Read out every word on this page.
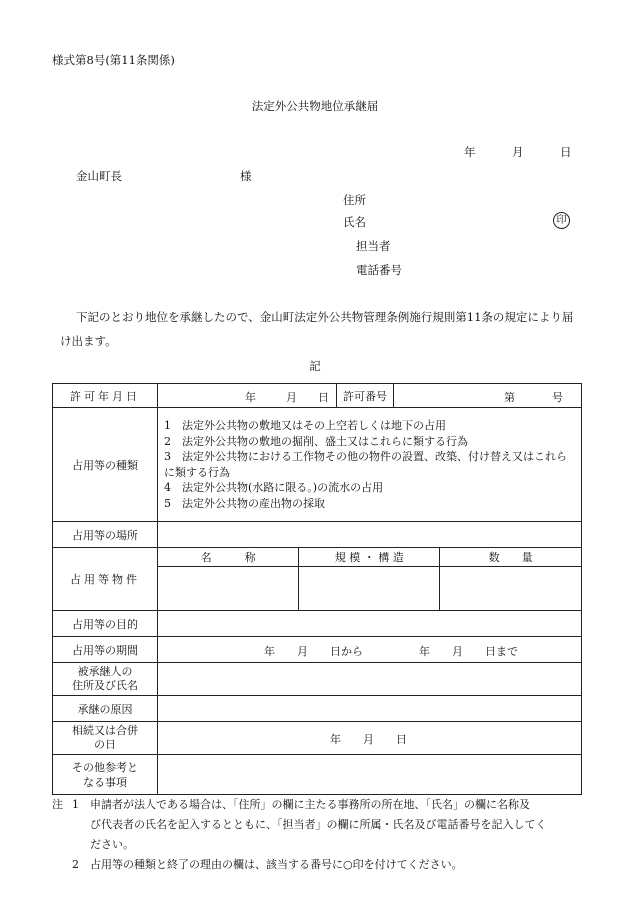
様式第8号(第11条関係)
法定外公共物地位承継届
年	月	日
金山町長	様
住所
氏名	印
担当者
電話番号
下記のとおり地位を承継したので、金山町法定外公共物管理条例施行規則第11条の規定により届
け出ます。
記
許可年月日	年	月 日	許可番号	第	号

占用等の種類	
1　法定外公共物の敷地又はその上空若しくは地下の占用
2　法定外公共物の敷地の掘削、盛土又はこれらに類する行為
3　法定外公共物における工作物その他の物件の設置、改築、付け替え又はこれらに類する行為
4　法定外公共物(水路に限る。)の流水の占用
5　法定外公共物の産出物の採取

占用等の場所	
占用等物件	
名　　　称	規 模 ・ 構 造	数　　量

占用等の目的	
占用等の期間	年　　月　　日から	年　　月　　日まで

被承継人の
住所及び氏名

承継の原因	

相続又は合併
の日	年　　月　　日

その他参考と
なる事項

注 1 申請者が法人である場合は、「住所」の欄に主たる事務所の所在地、「氏名」の欄に名称及
び代表者の氏名を記入するとともに、「担当者」の欄に所属・氏名及び電話番号を記入してく
ださい。
2 占用等の種類と終了の理由の欄は、該当する番号に○印を付けてください。
